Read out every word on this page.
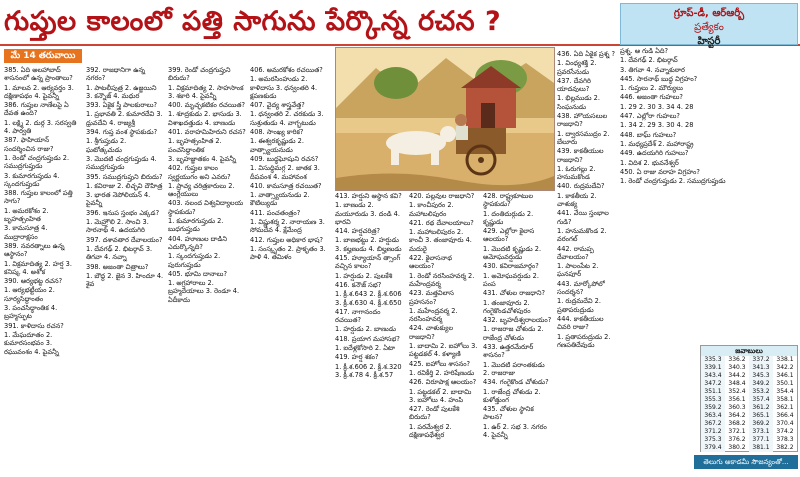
గుప్తుల కాలంలో పత్తి సాగును పేర్కొన్న రచన ?	గ్రూప్-డీ, ఆర్ఆర్బీ
ప్రత్యేకం
హిస్టరీ
మే 14 తరువాయి
385. ఏది అలహాబాద్ శాసనంలో ఉన్న ప్రాంతాలు?
1. మాలవ 2. ఆర్యవర్తం 3. దక్షిణాపథం 4. పైవన్నీ
386. గుప్తుల నాణేలపై ఏ దేవత ఉంది?
1. లక్ష్మి 2. దుర్గ 3. సరస్వతి 4. పార్వతి
387. ఫాహియాన్ సందర్శించిన రాజు?
1. రెండో చంద్రగుప్తుడు 2. సముద్రగుప్తుడు
3. కుమారగుప్తుడు 4. స్కందగుప్తుడు
388. గుప్తుల కాలంలో పత్తి సాగు?
1. అమరకోశం 2. బృహత్సంహిత
3. కామసూత్ర 4. ముద్రారాక్షసం
389. నవరత్నాలు ఉన్న ఆస్థానం?
1. విక్రమాదిత్య 2. హర్ష 3. కనిష్క 4. అశోక
390. ఆర్యభట్ట రచన?
1. ఆర్యభట్టీయం 2. సూర్యసిద్ధాంతం
3. పంచసిద్ధాంతిక 4. బ్రహ్మస్ఫుట
391. కాళిదాసు రచన?
1. మేఘదూతం 2. కుమారసంభవం 3. రఘువంశం 4. పైవన్నీ
392. రాజధానిగా ఉన్న నగరం?
1. పాటలీపుత్ర 2. ఉజ్జయిని 3. కన్నౌజ్ 4. మధుర
393. ఏకైక స్త్రీ పాలకురాలు?
1. ప్రభావతి 2. కుమారదేవి 3. ధ్రువదేవి 4. రాజ్యశ్రీ
394. గుప్త వంశ స్థాపకుడు?
1. శ్రీగుప్తుడు 2. ఘటోత్కచుడు
3. మొదటి చంద్రగుప్తుడు 4. సముద్రగుప్తుడు
395. సముద్రగుప్తుని బిరుదు?
1. కవిరాజు 2. లిచ్ఛవి దౌహిత్ర
3. భారత నెపోలియన్ 4. పైవన్నీ
396. ఇనుప స్తంభం ఎక్కడ?
1. మెహ్రౌలి 2. సాంచి 3. సారనాథ్ 4. ఉదయగిరి
397. దశావతార దేవాలయం?
1. దేవగఢ్ 2. భిటర్గావ్ 3. తిగవా 4. నచ్నా
398. అజంతా చిత్రాలు?
1. బౌద్ధ 2. జైన 3. హిందూ 4. శైవ
399. రెండో చంద్రగుప్తుని బిరుదు?
1. విక్రమాదిత్య 2. సాహసాంక 3. శకారి 4. పైవన్నీ
400. మృచ్ఛకటికం రచయిత?
1. శూద్రకుడు 2. భాసుడు 3. విశాఖదత్తుడు 4. బాణుడు
401. వరాహమిహిరుని రచన?
1. బృహత్సంహిత 2. పంచసిద్ధాంతిక
3. బృహజ్జాతకం 4. పైవన్నీ
402. గుప్తుల కాలం స్వర్ణయుగం అని ఎవరు?
1. ప్రాచ్య చరిత్రకారులు 2. ఆంగ్లేయులు
403. నలంద విశ్వవిద్యాలయ స్థాపకుడు?
1. కుమారగుప్తుడు 2. బుధగుప్తుడు
404. హూణుల దాడిని ఎదుర్కొన్నది?
1. స్కందగుప్తుడు 2. పురుగుప్తుడు
405. భూమి దానాలు?
1. అగ్రహారాలు 2. బ్రహ్మదేయాలు 3. రెండూ 4. ఏదీకాదు
406. అమరకోశం రచయిత?
1. అమరసింహుడు 2. కాళిదాసు 3. ధన్వంతరి 4. క్షపణకుడు
407. వైద్య శాస్త్రవేత్త?
1. ధన్వంతరి 2. చరకుడు 3. సుశ్రుతుడు 4. వాగ్భటుడు
408. సాంఖ్య కారిక?
1. ఈశ్వరకృష్ణుడు 2. వాత్స్యాయనుడు
409. బుద్ధఘోషుని రచన?
1. విసుద్ధిమగ్గ 2. జాతక 3. దీపవంశ 4. మహావంశ
410. కామసూత్ర రచయిత?
1. వాత్స్యాయనుడు 2. కౌటిల్యుడు
411. పంచతంత్రం?
1. విష్ణుశర్మ 2. నారాయణ 3. సోమదేవ 4. క్షేమేంద్ర
412. గుప్తుల అధికార భాష?
1. సంస్కృతం 2. ప్రాకృతం 3. పాళి 4. తమిళం
413. హర్షుని ఆస్థాన కవి?
1. బాణుడు 2. మయూరుడు 3. దండి 4. భారవి
414. హర్షచరిత్ర?
1. బాణభట్టు 2. హర్షుడు 3. కల్హణుడు 4. బిల్హణుడు
415. హ్యూయాన్ త్సాంగ్ వచ్చిన కాలం?
1. హర్షుడు 2. పులకేశి
416. కనౌజ్ సభ?
1. క్రీ.శ.643 2. క్రీ.శ.606 3. క్రీ.శ.630 4. క్రీ.శ.650
417. నాగానందం రచయిత?
1. హర్షుడు 2. బాణుడు
418. ప్రయాగ మహాసభ?
1. ఐదేళ్లకోసారి 2. ఏటా
419. హర్ష శకం?
1. క్రీ.శ.606 2. క్రీ.శ.320 3. క్రీ.శ.78 4. క్రీ.శ.57
420. పల్లవుల రాజధాని?
1. కాంచీపురం 2. మహాబలిపురం
421. రథ దేవాలయాలు?
1. మహాబలిపురం 2. కాంచీ 3. తంజావూరు 4. మదురై
422. కైలాసనాథ ఆలయం?
1. రెండో నరసింహవర్మ 2. మహేంద్రవర్మ
423. మత్తవిలాస ప్రహసనం?
1. మహేంద్రవర్మ 2. నరసింహవర్మ
424. చాళుక్యుల రాజధాని?
1. బాదామి 2. ఐహోలు 3. పట్టడకల్ 4. కళ్యాణి
425. ఐహోలు శాసనం?
1. రవికీర్తి 2. హరిషేణుడు
426. విరూపాక్ష ఆలయం?
1. పట్టడకల్ 2. బాదామి 3. ఐహోలు 4. హంపి
427. రెండో పులకేశి బిరుదు?
1. పరమేశ్వర 2. దక్షిణాపథేశ్వర
428. రాష్ట్రకూటుల స్థాపకుడు?
1. దంతిదుర్గుడు 2. కృష్ణుడు
429. ఎల్లోరా కైలాస ఆలయం?
1. మొదటి కృష్ణుడు 2. అమోఘవర్షుడు
430. కవిరాజమార్గం?
1. అమోఘవర్షుడు 2. పంప
431. చోళుల రాజధాని?
1. తంజావూరు 2. గంగైకొండచోళపురం
432. బృహదీశ్వరాలయం?
1. రాజరాజ చోళుడు 2. రాజేంద్ర చోళుడు
433. ఉత్తరమేరూర్ శాసనం?
1. మొదటి పరాంతకుడు 2. రాజరాజు
434. గంగైకొండ చోళుడు?
1. రాజేంద్ర చోళుడు 2. కుళోత్తుంగ
435. చోళుల స్థానిక పాలన?
1. ఉర్ 2. సభ 3. నగరం 4. పైవన్నీ
436. ఏది ఏకైక ప్రశ్న ?
1. వింధ్యశక్తి 2. ప్రవరసేనుడు
437. దేవగిరి యాదవులు?
1. భిల్లముడు 2. సింఘనుడు
438. హొయసలుల రాజధాని?
1. ద్వారసముద్రం 2. బేలూరు
439. కాకతీయుల రాజధాని?
1. ఓరుగల్లు 2. హనుమకొండ
440. రుద్రమదేవి?
1. కాకతీయ 2. చాళుక్య
441. వేయి స్తంభాల గుడి?
1. హనుమకొండ 2. వరంగల్
442. రామప్ప దేవాలయం?
1. పాలంపేట 2. ఘనపూర్
443. మార్కోపోలో సందర్శన?
1. రుద్రమదేవి 2. ప్రతాపరుద్రుడు
444. కాకతీయుల చివరి రాజు?
1. ప్రతాపరుద్రుడు 2. గణపతిదేవుడు
ప్రశ్న. ఆ గుడి ఏది?
1. దేవగఢ్ 2. భిటర్గావ్
3. తిగవా 4. నచ్నాకుఠార
445. సారనాథ్ బుద్ధ విగ్రహం?
1. గుప్తులు 2. మౌర్యులు
446. అజంతా గుహలు?
1. 29 2. 30 3. 34 4. 28
447. ఎల్లోరా గుహలు?
1. 34 2. 29 3. 30 4. 28
448. బాఘ్ గుహలు?
1. మధ్యప్రదేశ్ 2. మహారాష్ట్ర
449. ఉదయగిరి గుహలు?
1. విదిశ 2. భువనేశ్వర్
450. ఏ రాజు వరాహ విగ్రహం?
1. రెండో చంద్రగుప్తుడు 2. సముద్రగుప్తుడు
జవాబులు
335.3	336.2	337.2	338.1
339.1	340.3	341.3	342.2
343.4	344.2	345.3	346.1
347.2	348.4	349.2	350.1
351.1	352.4	353.2	354.4
355.3	356.1	357.4	358.1
359.2	360.3	361.2	362.1
363.4	364.2	365.1	366.4
367.2	368.2	369.2	370.4
371.2	372.1	373.1	374.2
375.3	376.2	377.1	378.3
379.4	380.2	381.1	382.2
తెలుగు అకాడమీ సౌజన్యంతో...
